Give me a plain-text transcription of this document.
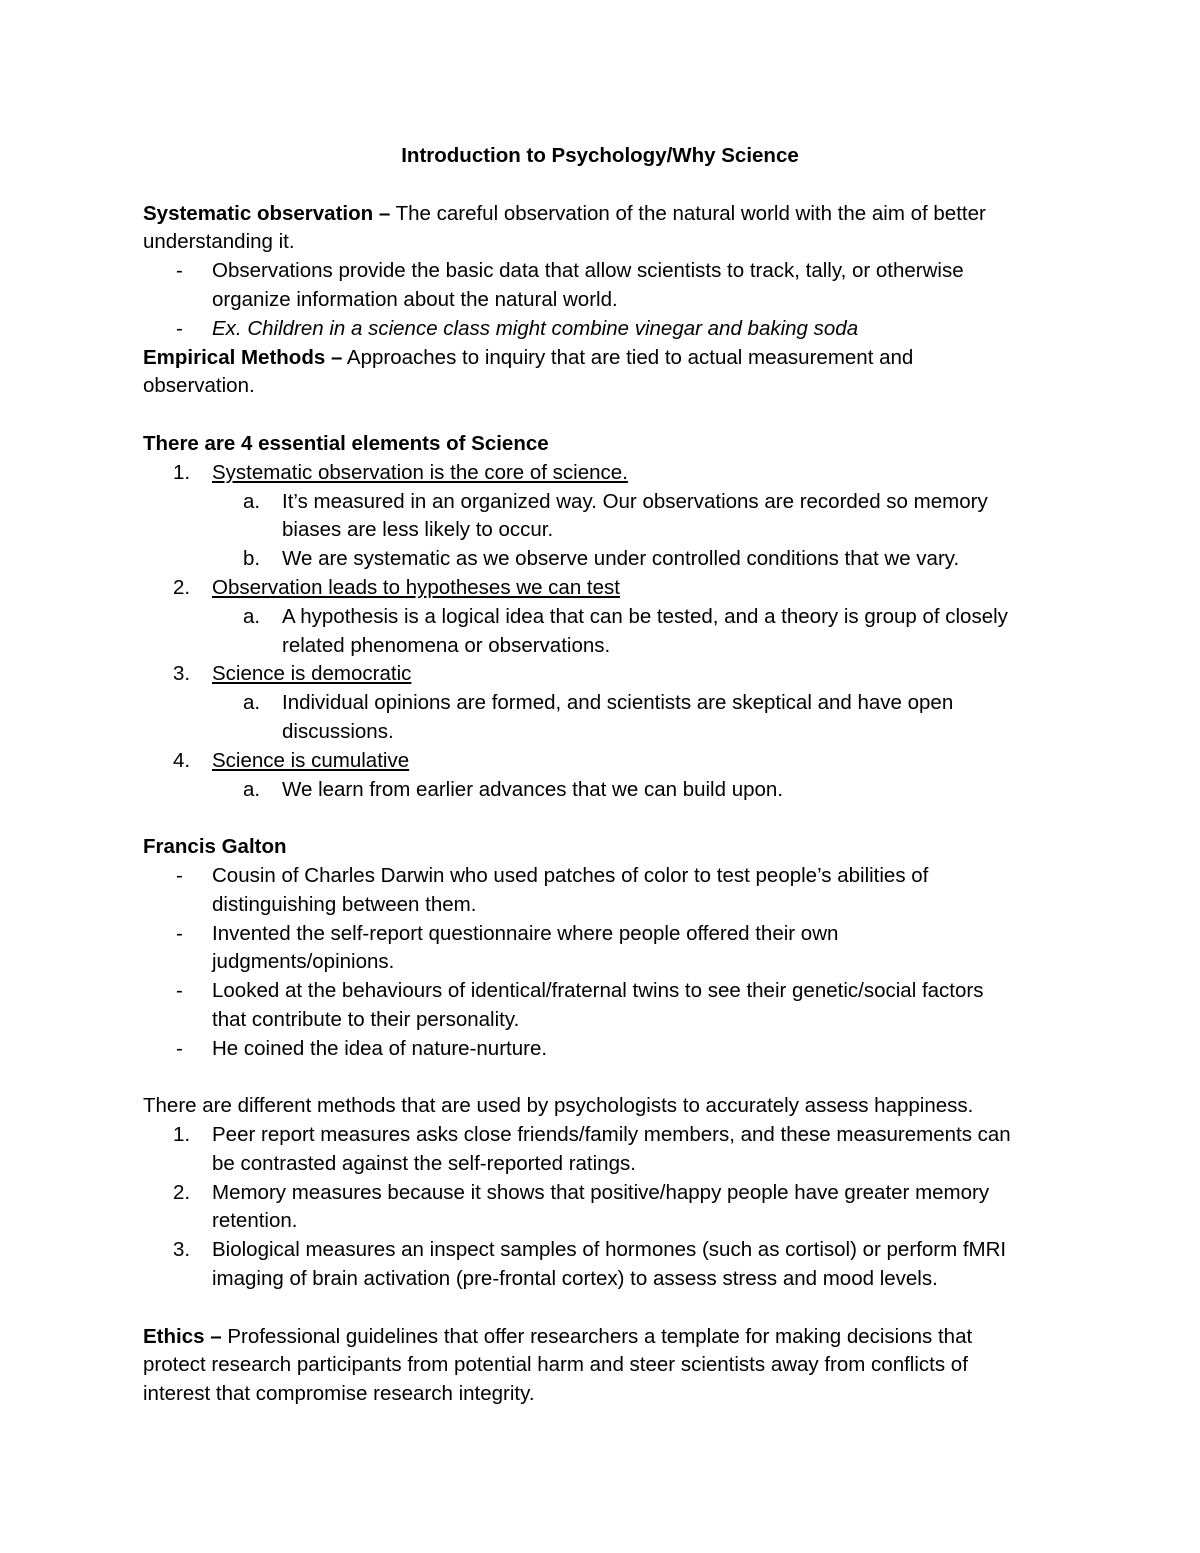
Introduction to Psychology/Why Science

Systematic observation – The careful observation of the natural world with the aim of better

understanding it.

-	Observations provide the basic data that allow scientists to track, tally, or otherwise
organize information about the natural world.
-	Ex. Children in a science class might combine vinegar and baking soda

Empirical Methods – Approaches to inquiry that are tied to actual measurement and

observation.

There are 4 essential elements of Science

1.	Systematic observation is the core of science.
a.	It’s measured in an organized way. Our observations are recorded so memory
biases are less likely to occur.
b.	We are systematic as we observe under controlled conditions that we vary.
2.	Observation leads to hypotheses we can test
a.	A hypothesis is a logical idea that can be tested, and a theory is group of closely
related phenomena or observations.
3.	Science is democratic
a.	Individual opinions are formed, and scientists are skeptical and have open
discussions.
4.	Science is cumulative
a.	We learn from earlier advances that we can build upon.

Francis Galton

-	Cousin of Charles Darwin who used patches of color to test people’s abilities of
distinguishing between them.
-	Invented the self-report questionnaire where people offered their own
judgments/opinions.
-	Looked at the behaviours of identical/fraternal twins to see their genetic/social factors
that contribute to their personality.
-	He coined the idea of nature-nurture.

There are different methods that are used by psychologists to accurately assess happiness.

1.	Peer report measures asks close friends/family members, and these measurements can
be contrasted against the self-reported ratings.
2.	Memory measures because it shows that positive/happy people have greater memory
retention.
3.	Biological measures an inspect samples of hormones (such as cortisol) or perform fMRI
imaging of brain activation (pre-frontal cortex) to assess stress and mood levels.

Ethics – Professional guidelines that offer researchers a template for making decisions that

protect research participants from potential harm and steer scientists away from conflicts of

interest that compromise research integrity.
